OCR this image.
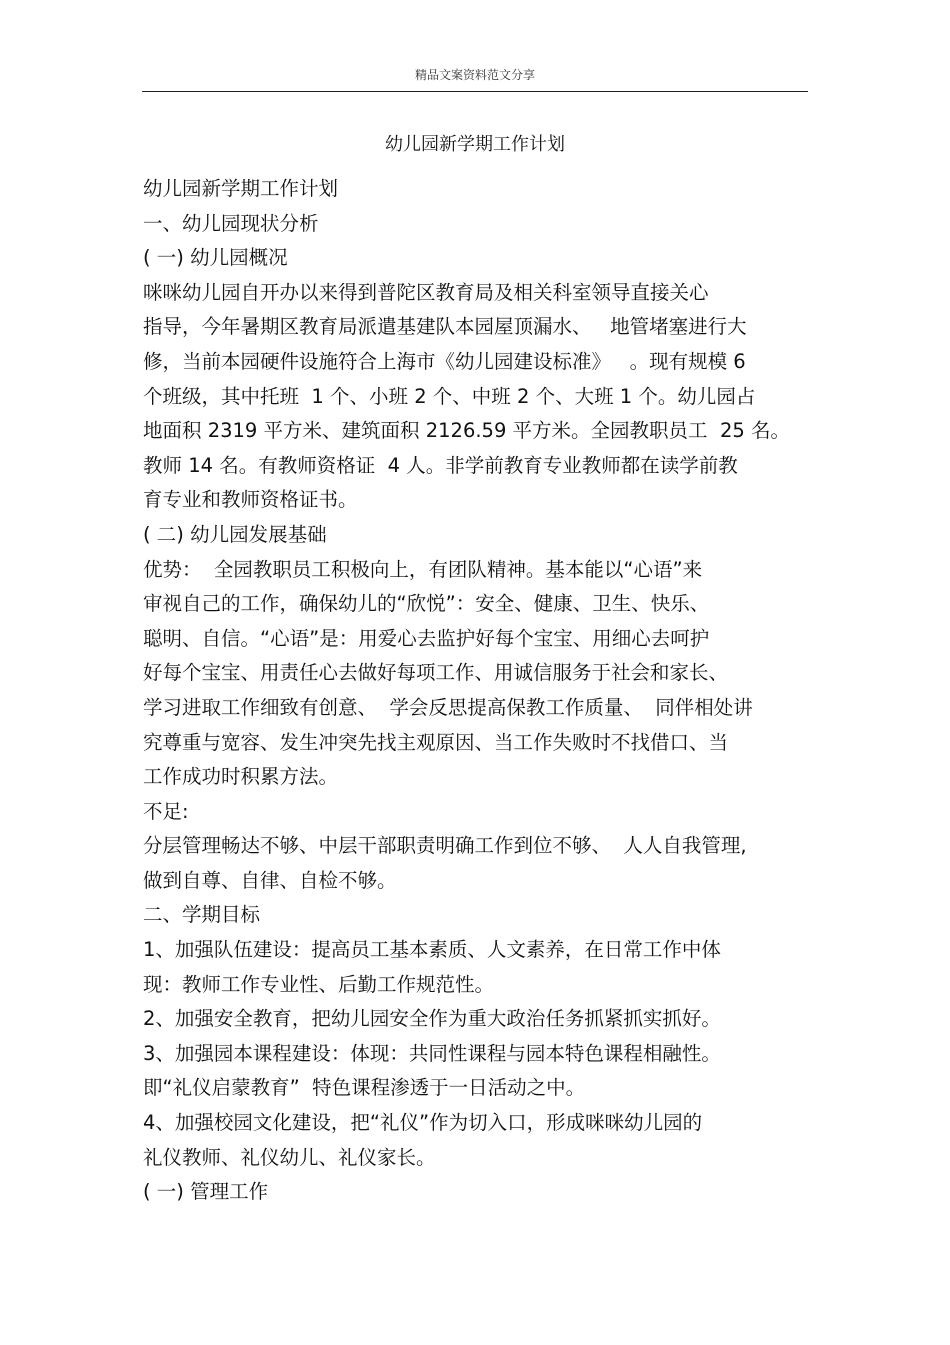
精品文案资料范文分享
幼儿园新学期工作计划
幼儿园新学期工作计划
一、幼儿园现状分析
( 一) 幼儿园概况
咪咪幼儿园自开办以来得到普陀区教育局及相关科室领导直接关心
指导，今年暑期区教育局派遣基建队本园屋顶漏水、   地管堵塞进行大
修，当前本园硬件设施符合上海市《幼儿园建设标准》   。现有规模 6
个班级，其中托班  1 个、小班 2 个、中班 2 个、大班 1 个。幼儿园占
地面积 2319 平方米、建筑面积 2126.59 平方米。全园教职员工  25 名。
教师 14 名。有教师资格证  4 人。非学前教育专业教师都在读学前教
育专业和教师资格证书。
( 二) 幼儿园发展基础
优势：  全园教职员工积极向上，有团队精神。基本能以“心语”来
审视自己的工作，确保幼儿的“欣悦”：安全、健康、卫生、快乐、
聪明、自信。“心语”是：用爱心去监护好每个宝宝、用细心去呵护
好每个宝宝、用责任心去做好每项工作、用诚信服务于社会和家长、
学习进取工作细致有创意、  学会反思提高保教工作质量、  同伴相处讲
究尊重与宽容、发生冲突先找主观原因、当工作失败时不找借口、当
工作成功时积累方法。
不足:
分层管理畅达不够、中层干部职责明确工作到位不够、  人人自我管理,
做到自尊、自律、自检不够。
二、学期目标
1、加强队伍建设：提高员工基本素质、人文素养，在日常工作中体
现：教师工作专业性、后勤工作规范性。
2、加强安全教育，把幼儿园安全作为重大政治任务抓紧抓实抓好。
3、加强园本课程建设：体现：共同性课程与园本特色课程相融性。
即“礼仪启蒙教育”  特色课程渗透于一日活动之中。
4、加强校园文化建设，把“礼仪”作为切入口，形成咪咪幼儿园的
礼仪教师、礼仪幼儿、礼仪家长。
( 一) 管理工作
